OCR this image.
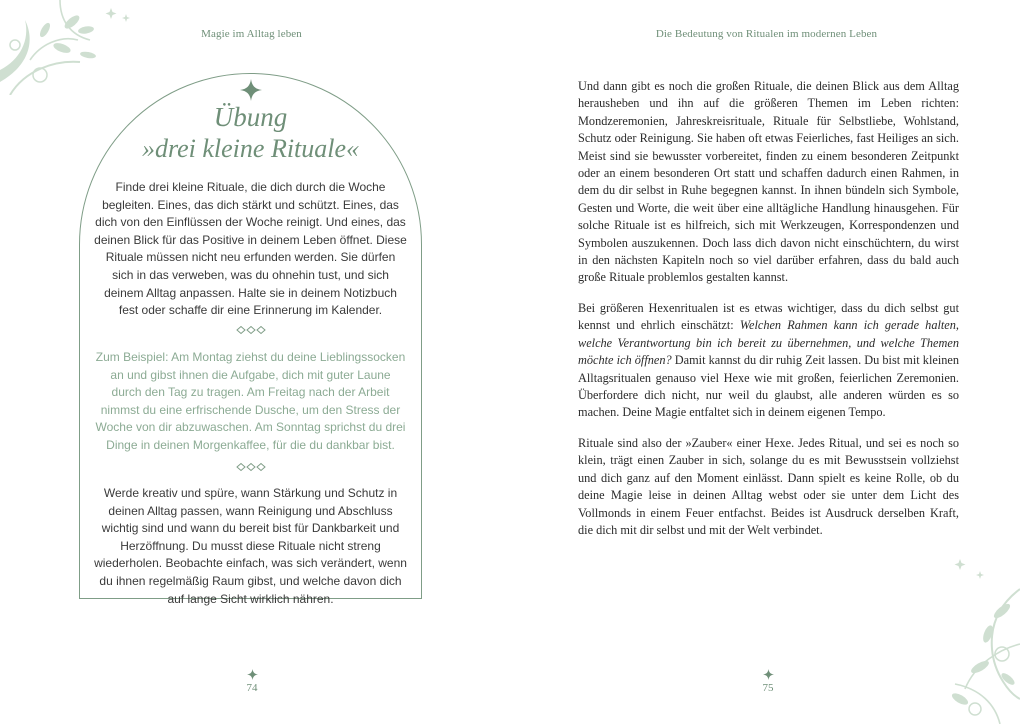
Magie im Alltag leben
Übung
»drei kleine Rituale«
Finde drei kleine Rituale, die dich durch die Woche begleiten. Eines, das dich stärkt und schützt. Eines, das dich von den Einflüssen der Woche reinigt. Und eines, das deinen Blick für das Positive in deinem Leben öffnet. Diese Rituale müssen nicht neu erfunden werden. Sie dürfen sich in das verweben, was du ohnehin tust, und sich deinem Alltag anpassen. Halte sie in deinem Notizbuch fest oder schaffe dir eine Erinnerung im Kalender.
Zum Beispiel: Am Montag ziehst du deine Lieblingssocken an und gibst ihnen die Aufgabe, dich mit guter Laune durch den Tag zu tragen. Am Freitag nach der Arbeit nimmst du eine erfrischende Dusche, um den Stress der Woche von dir abzuwaschen. Am Sonntag sprichst du drei Dinge in deinen Morgenkaffee, für die du dankbar bist.
Werde kreativ und spüre, wann Stärkung und Schutz in deinen Alltag passen, wann Reinigung und Abschluss wichtig sind und wann du bereit bist für Dankbarkeit und Herzöffnung. Du musst diese Rituale nicht streng wiederholen. Beobachte einfach, was sich verändert, wenn du ihnen regelmäßig Raum gibst, und welche davon dich auf lange Sicht wirklich nähren.
74
Die Bedeutung von Ritualen im modernen Leben
Und dann gibt es noch die großen Rituale, die deinen Blick aus dem Alltag herausheben und ihn auf die größeren Themen im Leben richten: Mondzeremonien, Jahreskreisrituale, Rituale für Selbstliebe, Wohlstand, Schutz oder Reinigung. Sie haben oft etwas Feierliches, fast Heiliges an sich. Meist sind sie bewusster vorbereitet, finden zu einem besonderen Zeitpunkt oder an einem besonderen Ort statt und schaffen dadurch einen Rahmen, in dem du dir selbst in Ruhe begegnen kannst. In ihnen bündeln sich Symbole, Gesten und Worte, die weit über eine alltägliche Handlung hinausgehen. Für solche Rituale ist es hilfreich, sich mit Werkzeugen, Korrespondenzen und Symbolen auszukennen. Doch lass dich davon nicht einschüchtern, du wirst in den nächsten Kapiteln noch so viel darüber erfahren, dass du bald auch große Rituale problemlos gestalten kannst.
Bei größeren Hexenritualen ist es etwas wichtiger, dass du dich selbst gut kennst und ehrlich einschätzt: Welchen Rahmen kann ich gerade halten, welche Verantwortung bin ich bereit zu übernehmen, und welche Themen möchte ich öffnen? Damit kannst du dir ruhig Zeit lassen. Du bist mit kleinen Alltagsritualen genauso viel Hexe wie mit großen, feierlichen Zeremonien. Überfordere dich nicht, nur weil du glaubst, alle anderen würden es so machen. Deine Magie entfaltet sich in deinem eigenen Tempo.
Rituale sind also der »Zauber« einer Hexe. Jedes Ritual, und sei es noch so klein, trägt einen Zauber in sich, solange du es mit Bewusstsein vollziehst und dich ganz auf den Moment einlässt. Dann spielt es keine Rolle, ob du deine Magie leise in deinen Alltag webst oder sie unter dem Licht des Vollmonds in einem Feuer entfachst. Beides ist Ausdruck derselben Kraft, die dich mit dir selbst und mit der Welt verbindet.
75
